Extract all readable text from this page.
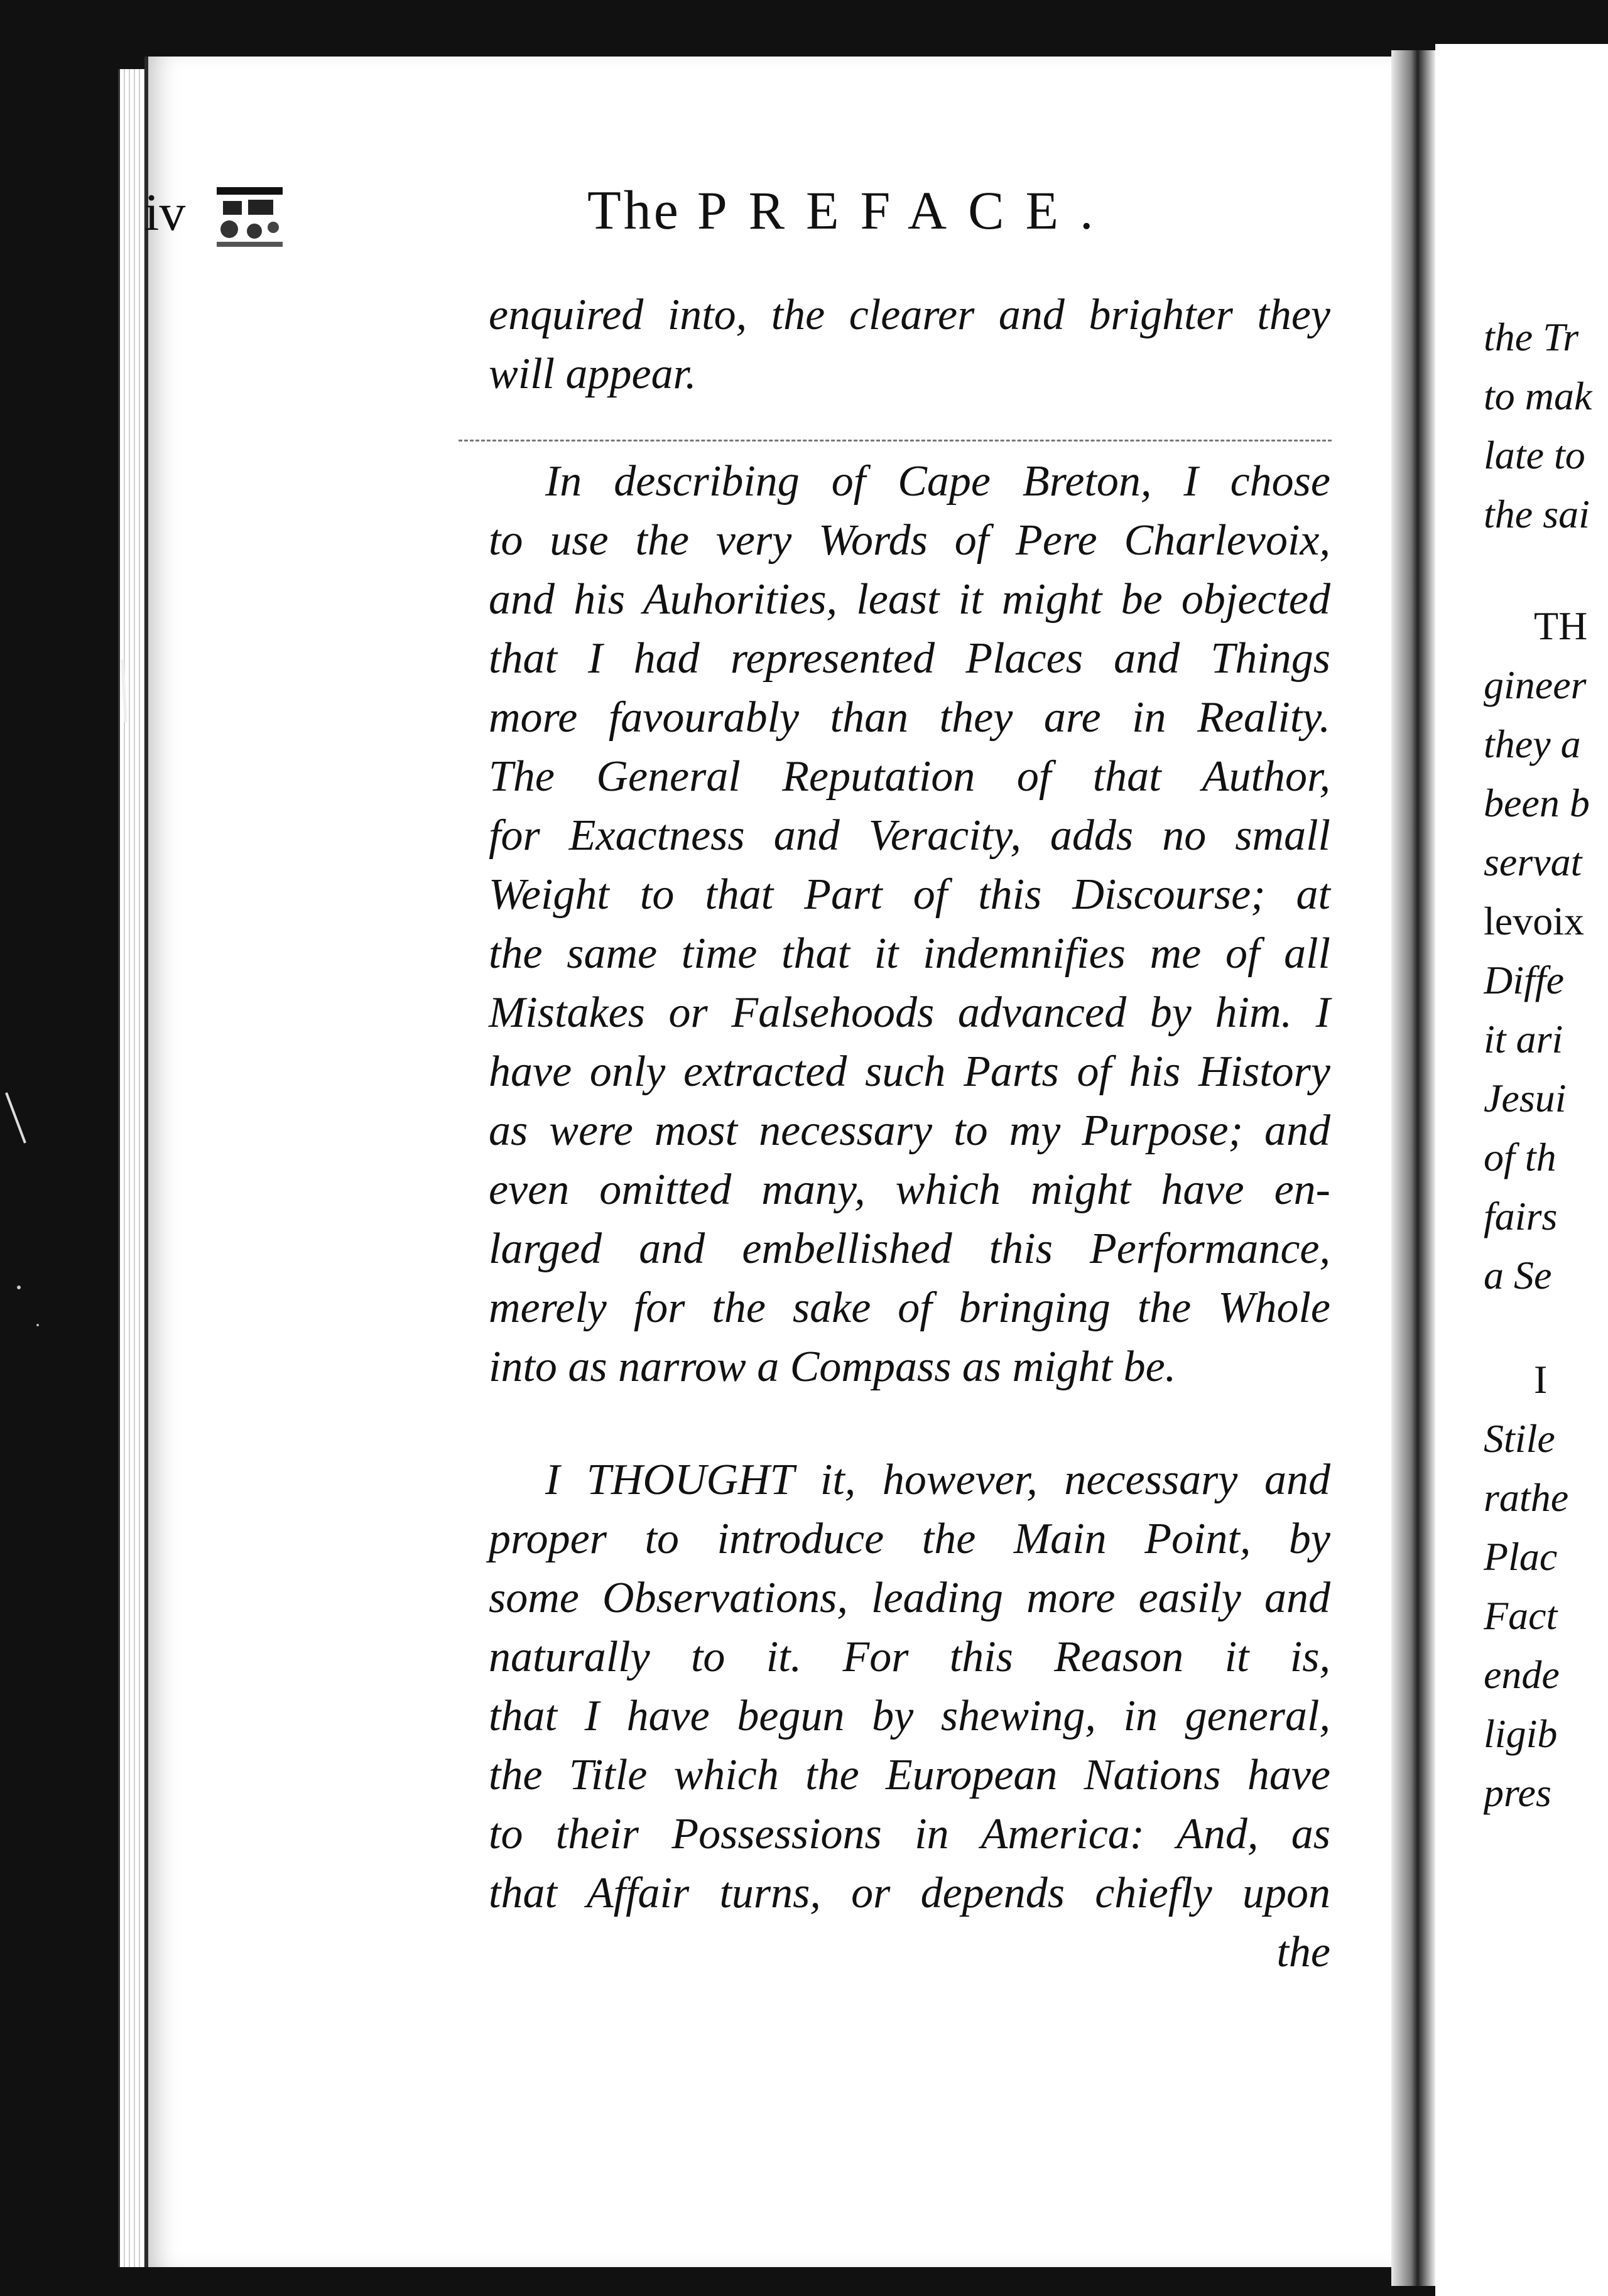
iv	The PREFACE.
enquired into, the clearer and brighter they
will appear.
In describing of Cape Breton, I chose
to use the very Words of Pere Charlevoix,
and his Auhorities, least it might be objected
that I had represented Places and Things
more favourably than they are in Reality.
The General Reputation of that Author,
for Exactness and Veracity, adds no small
Weight to that Part of this Discourse; at
the same time that it indemnifies me of all
Mistakes or Falsehoods advanced by him. I
have only extracted such Parts of his History
as were most necessary to my Purpose; and
even omitted many, which might have en-
larged and embellished this Performance,
merely for the sake of bringing the Whole
into as narrow a Compass as might be.
I THOUGHT it, however, necessary and
proper to introduce the Main Point, by
some Observations, leading more easily and
naturally to it. For this Reason it is,
that I have begun by shewing, in general,
the Title which the European Nations have
to their Possessions in America: And, as
that Affair turns, or depends chiefly upon
the
the Tr
to mak
late to
the sai
TH
gineer
they a
been b
servat
levoix
Diffe
it ari
Jesui
of th
fairs
a Se
I
Stile
rathe
Plac
Fact
ende
ligib
pres
